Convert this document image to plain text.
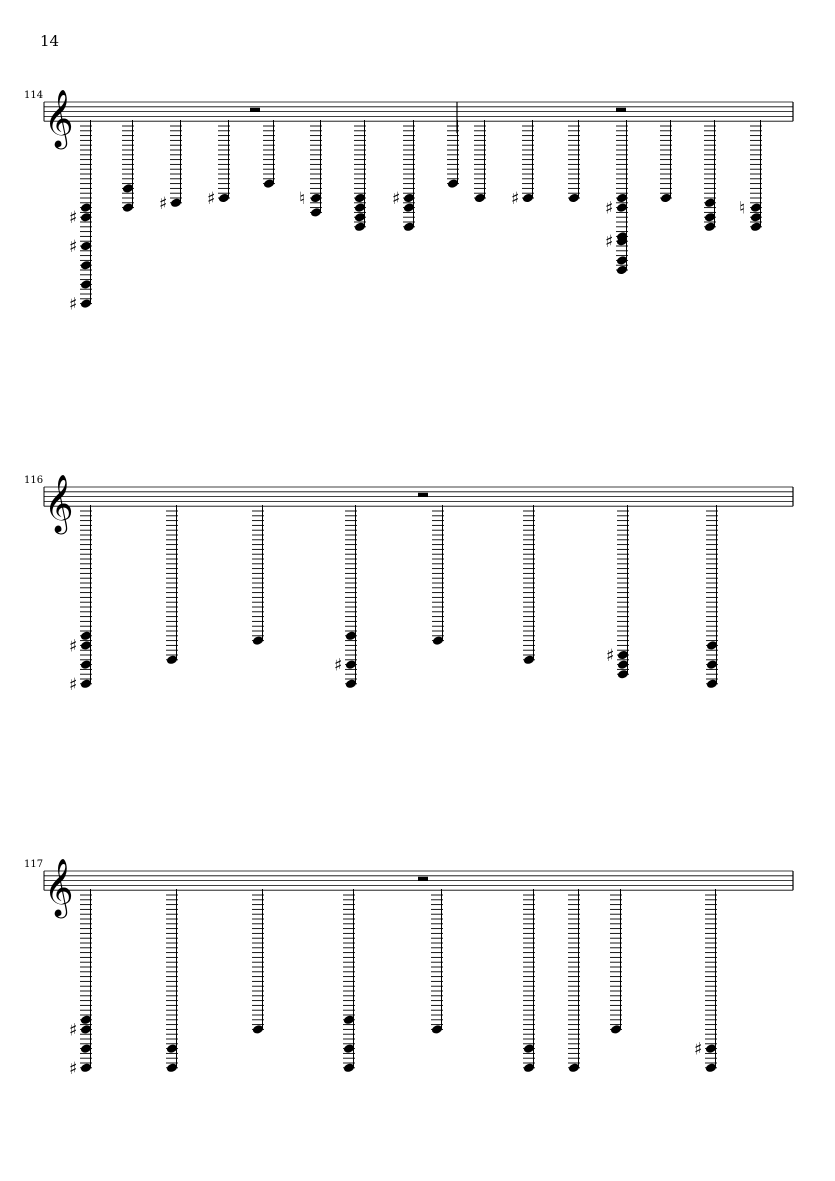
14
114 𝄞
♯
♯
♯
♯ ♯	♮	♯	♯
♯
♯	♮
116 𝄞
♯
♯
♯	♯
117 𝄞
♯
♯
♯
